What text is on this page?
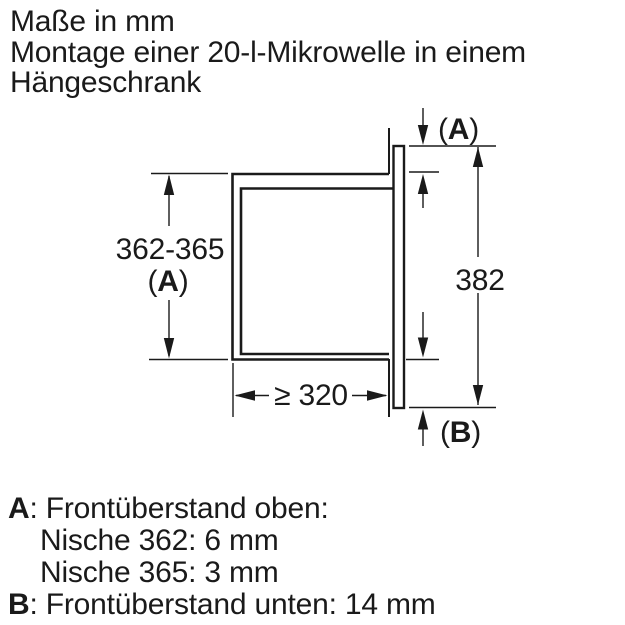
Maße in mm
Montage einer 20-l-Mikrowelle in einem
Hängeschrank
362-365
(A)
(A)
382
(B)
≥ 320
A: Frontüberstand oben:
Nische 362: 6 mm
Nische 365: 3 mm
B: Frontüberstand unten: 14 mm
